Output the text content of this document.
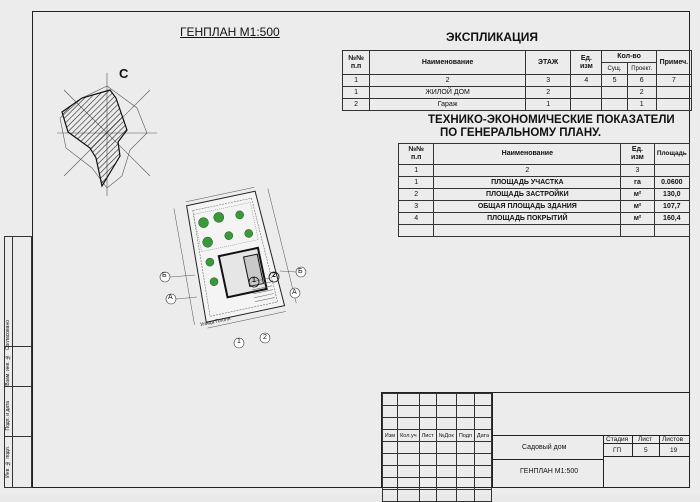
Согласовано
Взам. инв. №
Подп. и дата
Инв. № подл.
ГЕНПЛАН М1:500
С
ЭКСПЛИКАЦИЯ
№№
п.п	Наименование	ЭТАЖ	Ед.
изм	Кол-во		Примеч.
				Сущ.	Проект.	
1	2	3	4	5	6	7
1	ЖИЛОЙ ДОМ	2			2	
2	Гараж	1			1	
ТЕХНИКО-ЭКОНОМИЧЕСКИЕ ПОКАЗАТЕЛИ
ПО ГЕНЕРАЛЬНОМУ ПЛАНУ.
№№
п.п	Наименование	Ед.
изм	Площадь
1	2	3	
1	ПЛОЩАДЬ УЧАСТКА	га	0.0600
2	ПЛОЩАДЬ ЗАСТРОЙКИ	м²	130,0
3	ОБЩАЯ ПЛОЩАДЬ ЗДАНИЯ	м²	107,7
4	ПЛОЩАДЬ ПОКРЫТИЙ	м²	160,4

Б
А
Б
А
1
2
1
2
Улица Гоголя

Изм	Кол.уч	Лист	№Док	Подп	Дата

Садовый дом
ГЕНПЛАН М1:500
Стадия Лист Листов
ГП	5	19
